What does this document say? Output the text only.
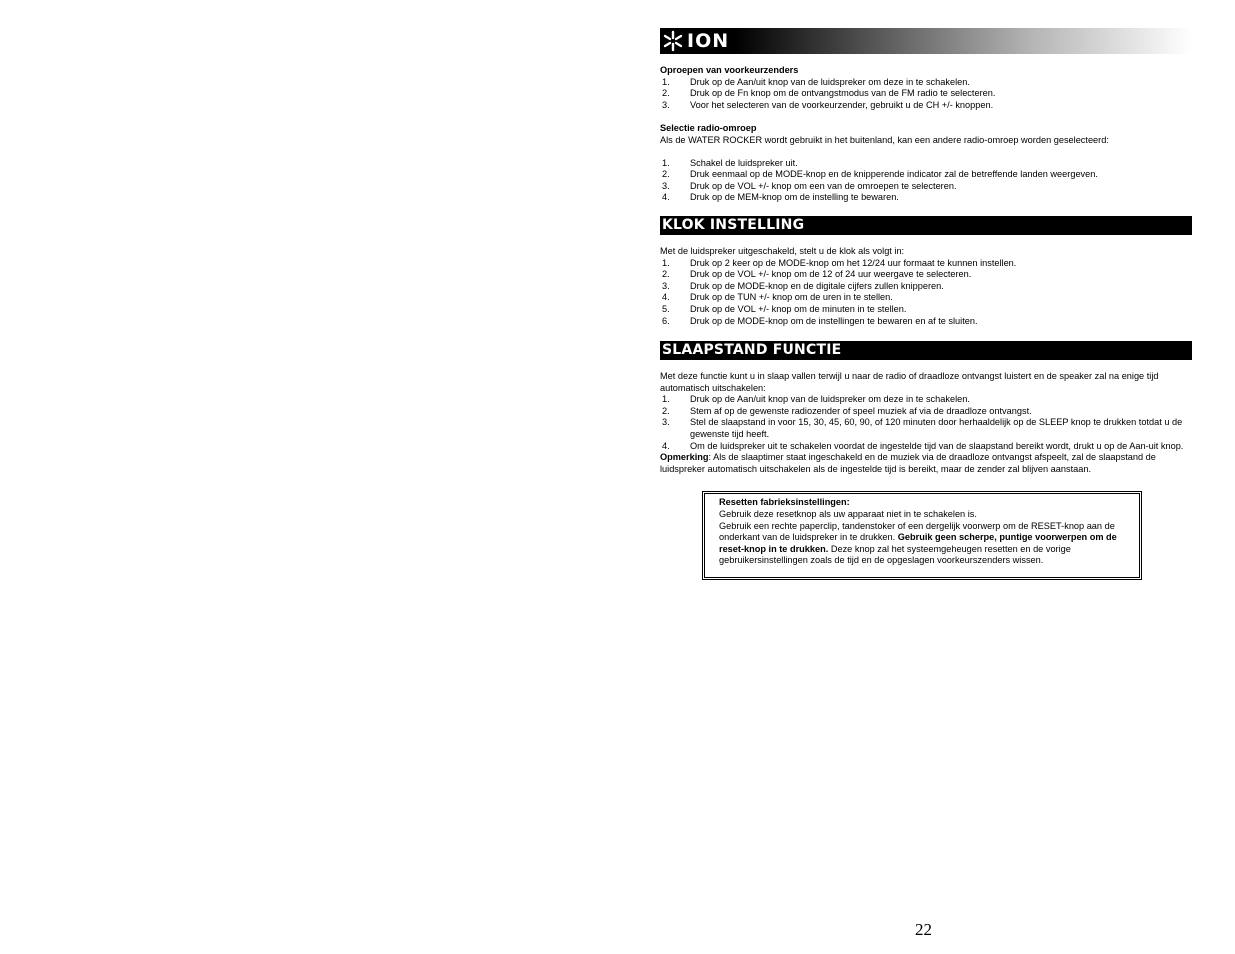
ION
Oproepen van voorkeurzenders
1. Druk op de Aan/uit knop van de luidspreker om deze in te schakelen.
2. Druk op de Fn knop om de ontvangstmodus van de FM radio te selecteren.
3. Voor het selecteren van de voorkeurzender, gebruikt u de CH +/- knoppen.
Selectie radio-omroep

Als de WATER ROCKER wordt gebruikt in het buitenland, kan een andere radio-omroep worden geselecteerd:

1. Schakel de luidspreker uit.
2. Druk eenmaal op de MODE-knop en de knipperende indicator zal de betreffende landen weergeven.
3. Druk op de VOL +/- knop om een van de omroepen te selecteren.
4. Druk op de MEM-knop om de instelling te bewaren.
KLOK INSTELLING

Met de luidspreker uitgeschakeld, stelt u de klok als volgt in:

1. Druk op 2 keer op de MODE-knop om het 12/24 uur formaat te kunnen instellen.
2. Druk op de VOL +/- knop om de 12 of 24 uur weergave te selecteren.
3. Druk op de MODE-knop en de digitale cijfers zullen knipperen.
4. Druk op de TUN +/- knop om de uren in te stellen.
5. Druk op de VOL +/- knop om de minuten in te stellen.
6. Druk op de MODE-knop om de instellingen te bewaren en af te sluiten.
SLAAPSTAND FUNCTIE

Met deze functie kunt u in slaap vallen terwijl u naar de radio of draadloze ontvangst luistert en de speaker zal na enige tijd automatisch uitschakelen:

1. Druk op de Aan/uit knop van de luidspreker om deze in te schakelen.
2. Stem af op de gewenste radiozender of speel muziek af via de draadloze ontvangst.
3. Stel de slaapstand in voor 15, 30, 45, 60, 90, of 120 minuten door herhaaldelijk op de SLEEP knop te drukken totdat u de gewenste tijd heeft.
4. Om de luidspreker uit te schakelen voordat de ingestelde tijd van de slaapstand bereikt wordt, drukt u op de Aan-uit knop.

Opmerking: Als de slaaptimer staat ingeschakeld en de muziek via de draadloze ontvangst afspeelt, zal de slaapstand de luidspreker automatisch uitschakelen als de ingestelde tijd is bereikt, maar de zender zal blijven aanstaan.

Resetten fabrieksinstellingen:

Gebruik deze resetknop als uw apparaat niet in te schakelen is.

Gebruik een rechte paperclip, tandenstoker of een dergelijk voorwerp om de RESET-knop aan de onderkant van de luidspreker in te drukken. Gebruik geen scherpe, puntige voorwerpen om de reset-knop in te drukken. Deze knop zal het systeemgeheugen resetten en de vorige gebruikersinstellingen zoals de tijd en de opgeslagen voorkeurszenders wissen.

22
